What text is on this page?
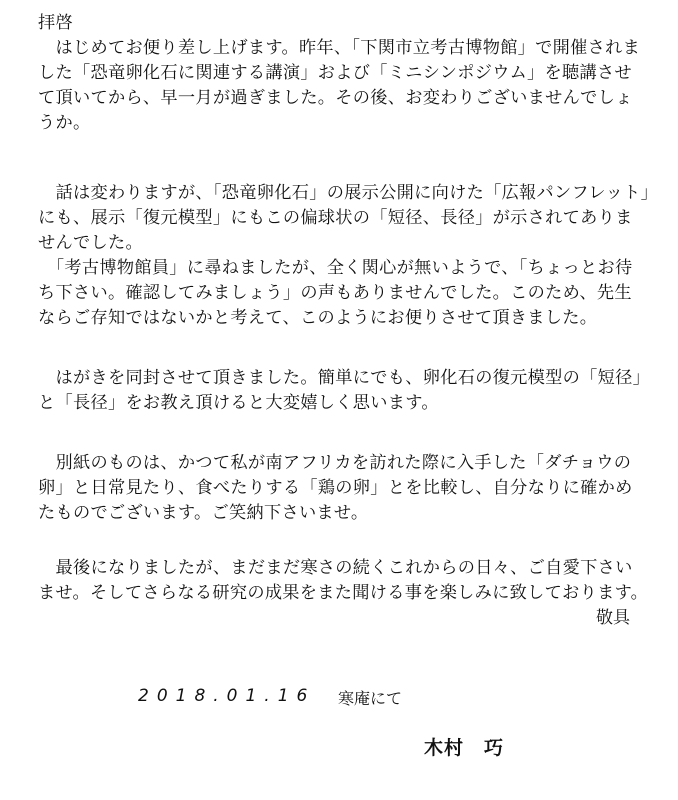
拝啓
　はじめてお便り差し上げます。昨年、「下関市立考古博物館」で開催されま
した「恐竜卵化石に関連する講演」および「ミニシンポジウム」を聴講させ
て頂いてから、早一月が過ぎました。その後、お変わりございませんでしょ
うか。
　話は変わりますが、「恐竜卵化石」の展示公開に向けた「広報パンフレット」
にも、展示「復元模型」にもこの偏球状の「短径、長径」が示されてありま
せんでした。
　「考古博物館員」に尋ねましたが、全く関心が無いようで、「ちょっとお待
ち下さい。確認してみましょう」の声もありませんでした。このため、先生
ならご存知ではないかと考えて、このようにお便りさせて頂きました。
　はがきを同封させて頂きました。簡単にでも、卵化石の復元模型の「短径」
と「長径」をお教え頂けると大変嬉しく思います。
　別紙のものは、かつて私が南アフリカを訪れた際に入手した「ダチョウの
卵」と日常見たり、食べたりする「鶏の卵」とを比較し、自分なりに確かめ
たものでございます。ご笑納下さいませ。
　最後になりましたが、まだまだ寒さの続くこれからの日々、ご自愛下さい
ませ。そしてさらなる研究の成果をまた聞ける事を楽しみに致しております。
敬具
2018.01.16 寒庵にて
木村　巧
